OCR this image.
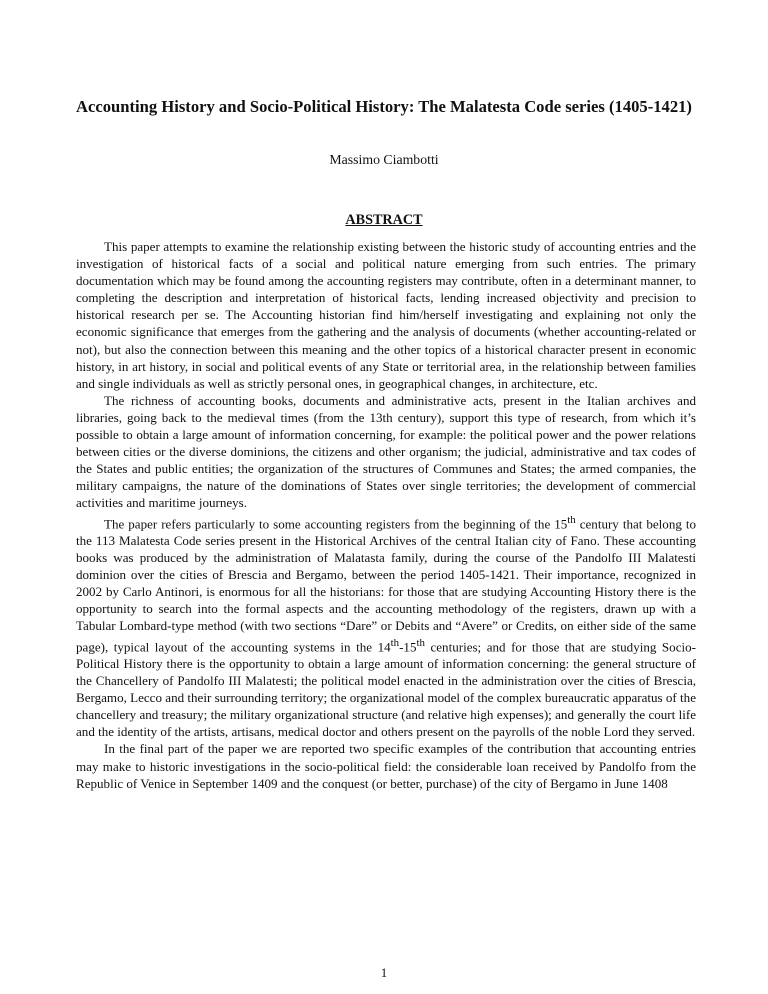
Accounting History and Socio-Political History: The Malatesta Code series (1405-1421)
Massimo Ciambotti
ABSTRACT

This paper attempts to examine the relationship existing between the historic study of accounting entries and the investigation of historical facts of a social and political nature emerging from such entries. The primary documentation which may be found among the accounting registers may contribute, often in a determinant manner, to completing the description and interpretation of historical facts, lending increased objectivity and precision to historical research per se. The Accounting historian find him/herself investigating and explaining not only the economic significance that emerges from the gathering and the analysis of documents (whether accounting-related or not), but also the connection between this meaning and the other topics of a historical character present in economic history, in art history, in social and political events of any State or territorial area, in the relationship between families and single individuals as well as strictly personal ones, in geographical changes, in architecture, etc.

The richness of accounting books, documents and administrative acts, present in the Italian archives and libraries, going back to the medieval times (from the 13th century), support this type of research, from which it’s possible to obtain a large amount of information concerning, for example: the political power and the power relations between cities or the diverse dominions, the citizens and other organism; the judicial, administrative and tax codes of the States and public entities; the organization of the structures of Communes and States; the armed companies, the military campaigns, the nature of the dominations of States over single territories; the development of commercial activities and maritime journeys.

The paper refers particularly to some accounting registers from the beginning of the 15th century that belong to the 113 Malatesta Code series present in the Historical Archives of the central Italian city of Fano. These accounting books was produced by the administration of Malatasta family, during the course of the Pandolfo III Malatesti dominion over the cities of Brescia and Bergamo, between the period 1405-1421. Their importance, recognized in 2002 by Carlo Antinori, is enormous for all the historians: for those that are studying Accounting History there is the opportunity to search into the formal aspects and the accounting methodology of the registers, drawn up with a Tabular Lombard-type method (with two sections “Dare” or Debits and “Avere” or Credits, on either side of the same page), typical layout of the accounting systems in the 14th-15th centuries; and for those that are studying Socio-Political History there is the opportunity to obtain a large amount of information concerning: the general structure of the Chancellery of Pandolfo III Malatesti; the political model enacted in the administration over the cities of Brescia, Bergamo, Lecco and their surrounding territory; the organizational model of the complex bureaucratic apparatus of the chancellery and treasury; the military organizational structure (and relative high expenses); and generally the court life and the identity of the artists, artisans, medical doctor and others present on the payrolls of the noble Lord they served.

In the final part of the paper we are reported two specific examples of the contribution that accounting entries may make to historic investigations in the socio-political field: the considerable loan received by Pandolfo from the Republic of Venice in September 1409 and the conquest (or better, purchase) of the city of Bergamo in June 1408

1
